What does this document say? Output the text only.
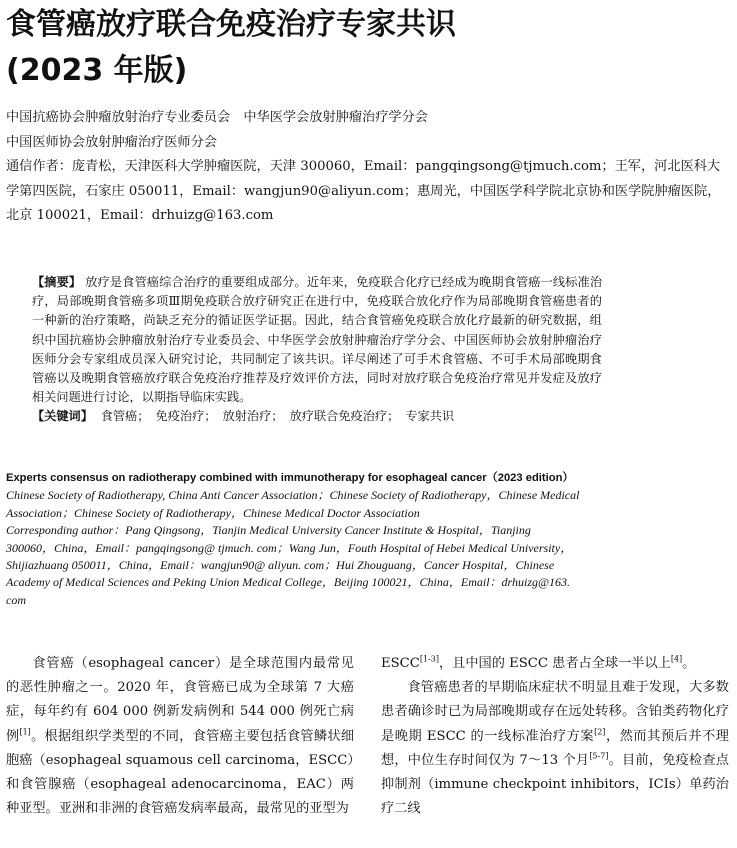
食管癌放疗联合免疫治疗专家共识
(2023 年版)

中国抗癌协会肿瘤放射治疗专业委员会　中华医学会放射肿瘤治疗学分会

中国医师协会放射肿瘤治疗医师分会

通信作者：庞青松，天津医科大学肿瘤医院，天津 300060，Email：pangqingsong@tjmuch.com；王军，河北医科大学第四医院，石家庄 050011，Email：wangjun90@aliyun.com；惠周光，中国医学科学院北京协和医学院肿瘤医院，北京 100021，Email：drhuizg@163.com

【摘要】 放疗是食管癌综合治疗的重要组成部分。近年来，免疫联合化疗已经成为晚期食管癌一线标准治疗，局部晚期食管癌多项Ⅲ期免疫联合放疗研究正在进行中，免疫联合放化疗作为局部晚期食管癌患者的一种新的治疗策略，尚缺乏充分的循证医学证据。因此，结合食管癌免疫联合放化疗最新的研究数据，组织中国抗癌协会肿瘤放射治疗专业委员会、中华医学会放射肿瘤治疗学分会、中国医师协会放射肿瘤治疗医师分会专家组成员深入研究讨论，共同制定了该共识。详尽阐述了可手术食管癌、不可手术局部晚期食管癌以及晚期食管癌放疗联合免疫治疗推荐及疗效评价方法，同时对放疗联合免疫治疗常见并发症及放疗相关问题进行讨论，以期指导临床实践。

【关键词】 食管癌；　免疫治疗；　放射治疗；　放疗联合免疫治疗；　专家共识

Experts consensus on radiotherapy combined with immunotherapy for esophageal cancer（2023 edition）

Chinese Society of Radiotherapy, China Anti Cancer Association；Chinese Society of Radiotherapy，Chinese Medical Association；Chinese Society of Radiotherapy，Chinese Medical Doctor Association

Corresponding author：Pang Qingsong，Tianjin Medical University Cancer Institute & Hospital，Tianjing 300060，China，Email：pangqingsong@ tjmuch. com；Wang Jun，Fouth Hospital of Hebei Medical University，Shijiazhuang 050011，China，Email：wangjun90@ aliyun. com；Hui Zhouguang，Cancer Hospital，Chinese Academy of Medical Sciences and Peking Union Medical College，Beijing 100021，China，Email：drhuizg@163. com

食管癌（esophageal cancer）是全球范围内最常见的恶性肿瘤之一。2020 年，食管癌已成为全球第 7 大癌症，每年约有 604 000 例新发病例和 544 000 例死亡病例[1]。根据组织学类型的不同，食管癌主要包括食管鳞状细胞癌（esophageal squamous cell carcinoma，ESCC）和食管腺癌（esophageal adenocarcinoma，EAC）两种亚型。亚洲和非洲的食管癌发病率最高，最常见的亚型为

ESCC[1-3]，且中国的 ESCC 患者占全球一半以上[4]。

食管癌患者的早期临床症状不明显且难于发现，大多数患者确诊时已为局部晚期或存在远处转移。含铂类药物化疗是晚期 ESCC 的一线标准治疗方案[2]，然而其预后并不理想，中位生存时间仅为 7～13 个月[5-7]。目前，免疫检查点抑制剂（immune checkpoint inhibitors，ICIs）单药治疗二线
